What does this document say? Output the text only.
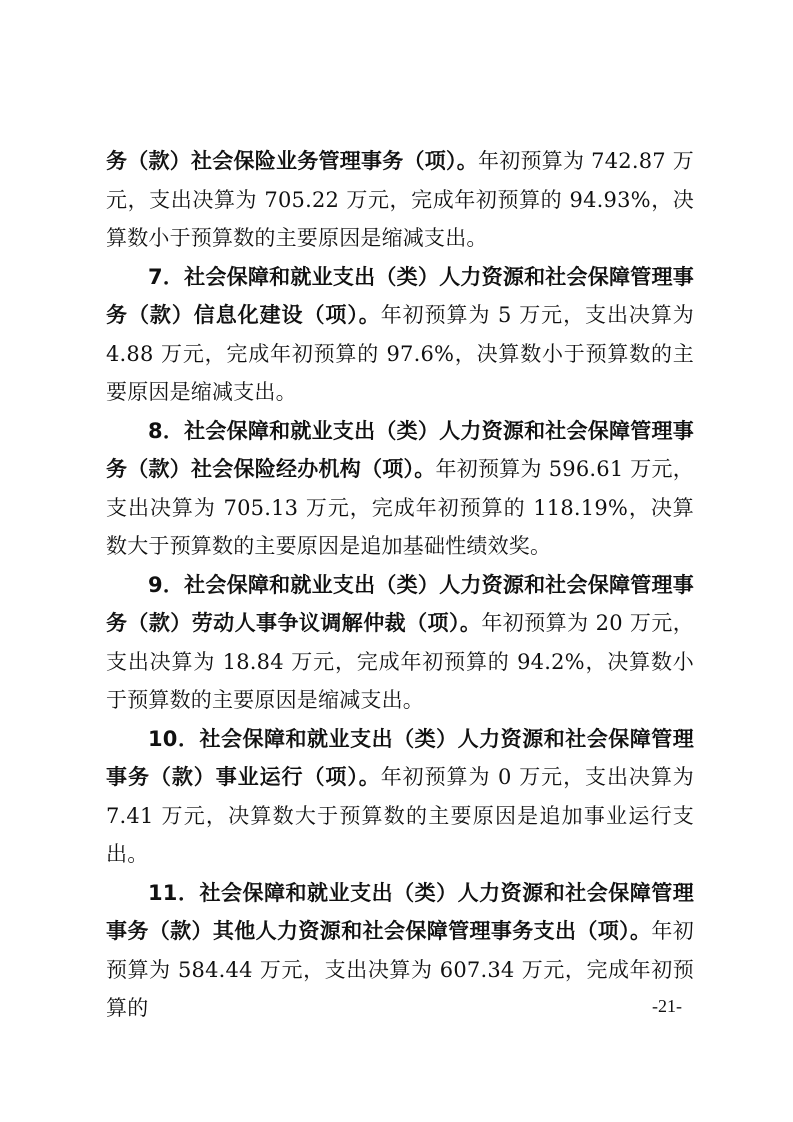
务（款）社会保险业务管理事务（项）。年初预算为 742.87 万元，支出决算为 705.22 万元，完成年初预算的 94.93%，决算数小于预算数的主要原因是缩减支出。

7．社会保障和就业支出（类）人力资源和社会保障管理事务（款）信息化建设（项）。年初预算为 5 万元，支出决算为 4.88 万元，完成年初预算的 97.6%，决算数小于预算数的主要原因是缩减支出。

8．社会保障和就业支出（类）人力资源和社会保障管理事务（款）社会保险经办机构（项）。年初预算为 596.61 万元，支出决算为 705.13 万元，完成年初预算的 118.19%，决算数大于预算数的主要原因是追加基础性绩效奖。

9．社会保障和就业支出（类）人力资源和社会保障管理事务（款）劳动人事争议调解仲裁（项）。年初预算为 20 万元，支出决算为 18.84 万元，完成年初预算的 94.2%，决算数小于预算数的主要原因是缩减支出。

10．社会保障和就业支出（类）人力资源和社会保障管理事务（款）事业运行（项）。年初预算为 0 万元，支出决算为 7.41 万元，决算数大于预算数的主要原因是追加事业运行支出。

11．社会保障和就业支出（类）人力资源和社会保障管理事务（款）其他人力资源和社会保障管理事务支出（项）。年初预算为 584.44 万元，支出决算为 607.34 万元，完成年初预算的	-21-
